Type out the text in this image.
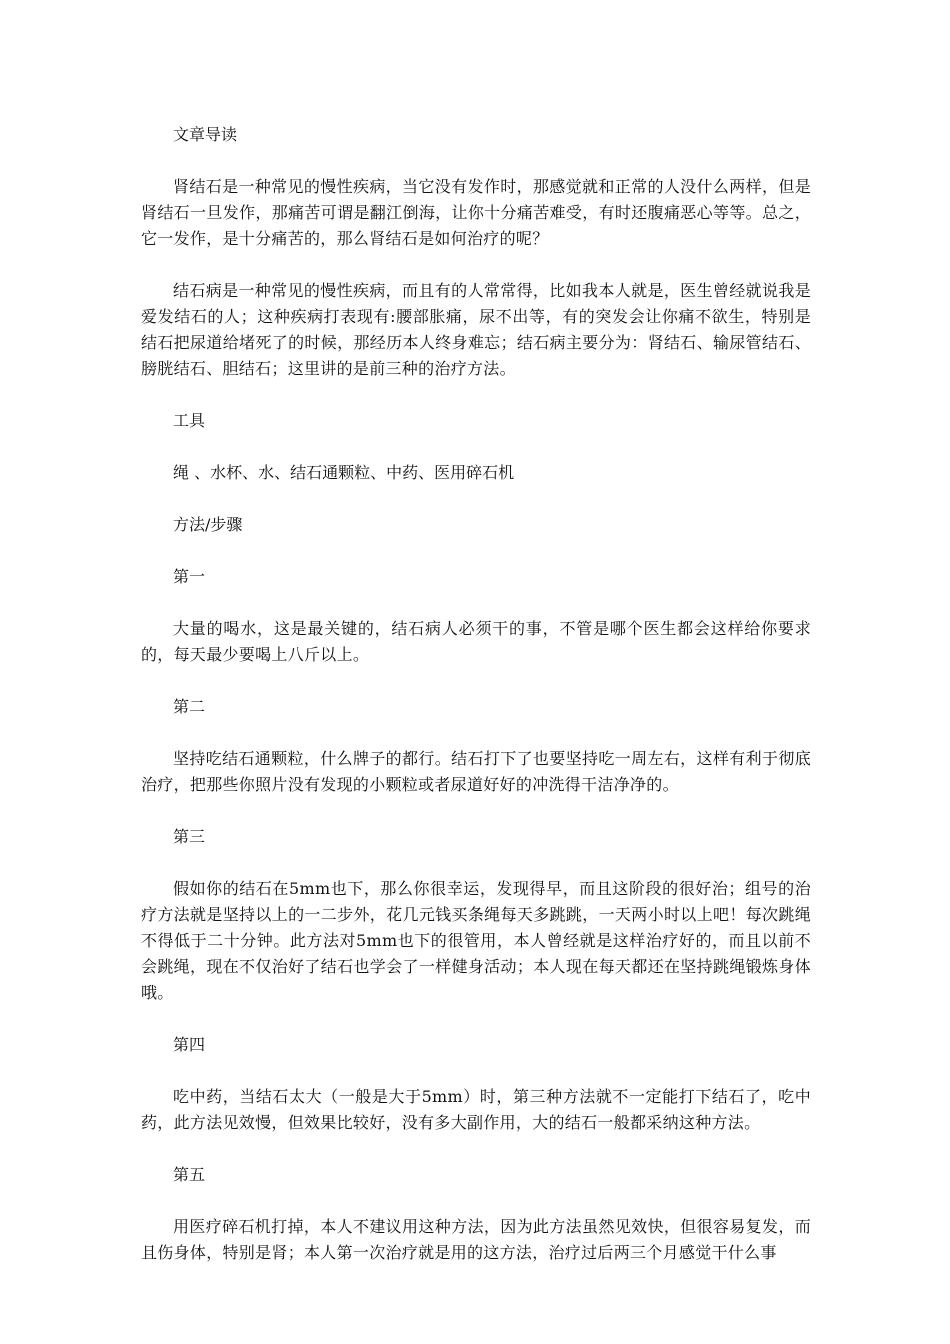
文章导读

肾结石是一种常见的慢性疾病，当它没有发作时，那感觉就和正常的人没什么两样，但是肾结石一旦发作，那痛苦可谓是翻江倒海，让你十分痛苦难受，有时还腹痛恶心等等。总之，它一发作，是十分痛苦的，那么肾结石是如何治疗的呢？

结石病是一种常见的慢性疾病，而且有的人常常得，比如我本人就是，医生曾经就说我是爱发结石的人；这种疾病打表现有:腰部胀痛，尿不出等，有的突发会让你痛不欲生，特别是结石把尿道给堵死了的时候，那经历本人终身难忘；结石病主要分为：肾结石、输尿管结石、膀胱结石、胆结石；这里讲的是前三种的治疗方法。

工具

绳 、水杯、水、结石通颗粒、中药、医用碎石机

方法/步骤

第一

大量的喝水，这是最关键的，结石病人必须干的事，不管是哪个医生都会这样给你要求的，每天最少要喝上八斤以上。

第二

坚持吃结石通颗粒，什么牌子的都行。结石打下了也要坚持吃一周左右，这样有利于彻底治疗，把那些你照片没有发现的小颗粒或者尿道好好的冲洗得干洁净净的。

第三

假如你的结石在5mm也下，那么你很幸运，发现得早，而且这阶段的很好治；组号的治疗方法就是坚持以上的一二步外，花几元钱买条绳每天多跳跳，一天两小时以上吧！每次跳绳不得低于二十分钟。此方法对5mm也下的很管用，本人曾经就是这样治疗好的，而且以前不会跳绳，现在不仅治好了结石也学会了一样健身活动；本人现在每天都还在坚持跳绳锻炼身体哦。

第四

吃中药，当结石太大（一般是大于5mm）时，第三种方法就不一定能打下结石了，吃中药，此方法见效慢，但效果比较好，没有多大副作用，大的结石一般都采纳这种方法。

第五

用医疗碎石机打掉，本人不建议用这种方法，因为此方法虽然见效快，但很容易复发，而且伤身体，特别是肾；本人第一次治疗就是用的这方法，治疗过后两三个月感觉干什么事
